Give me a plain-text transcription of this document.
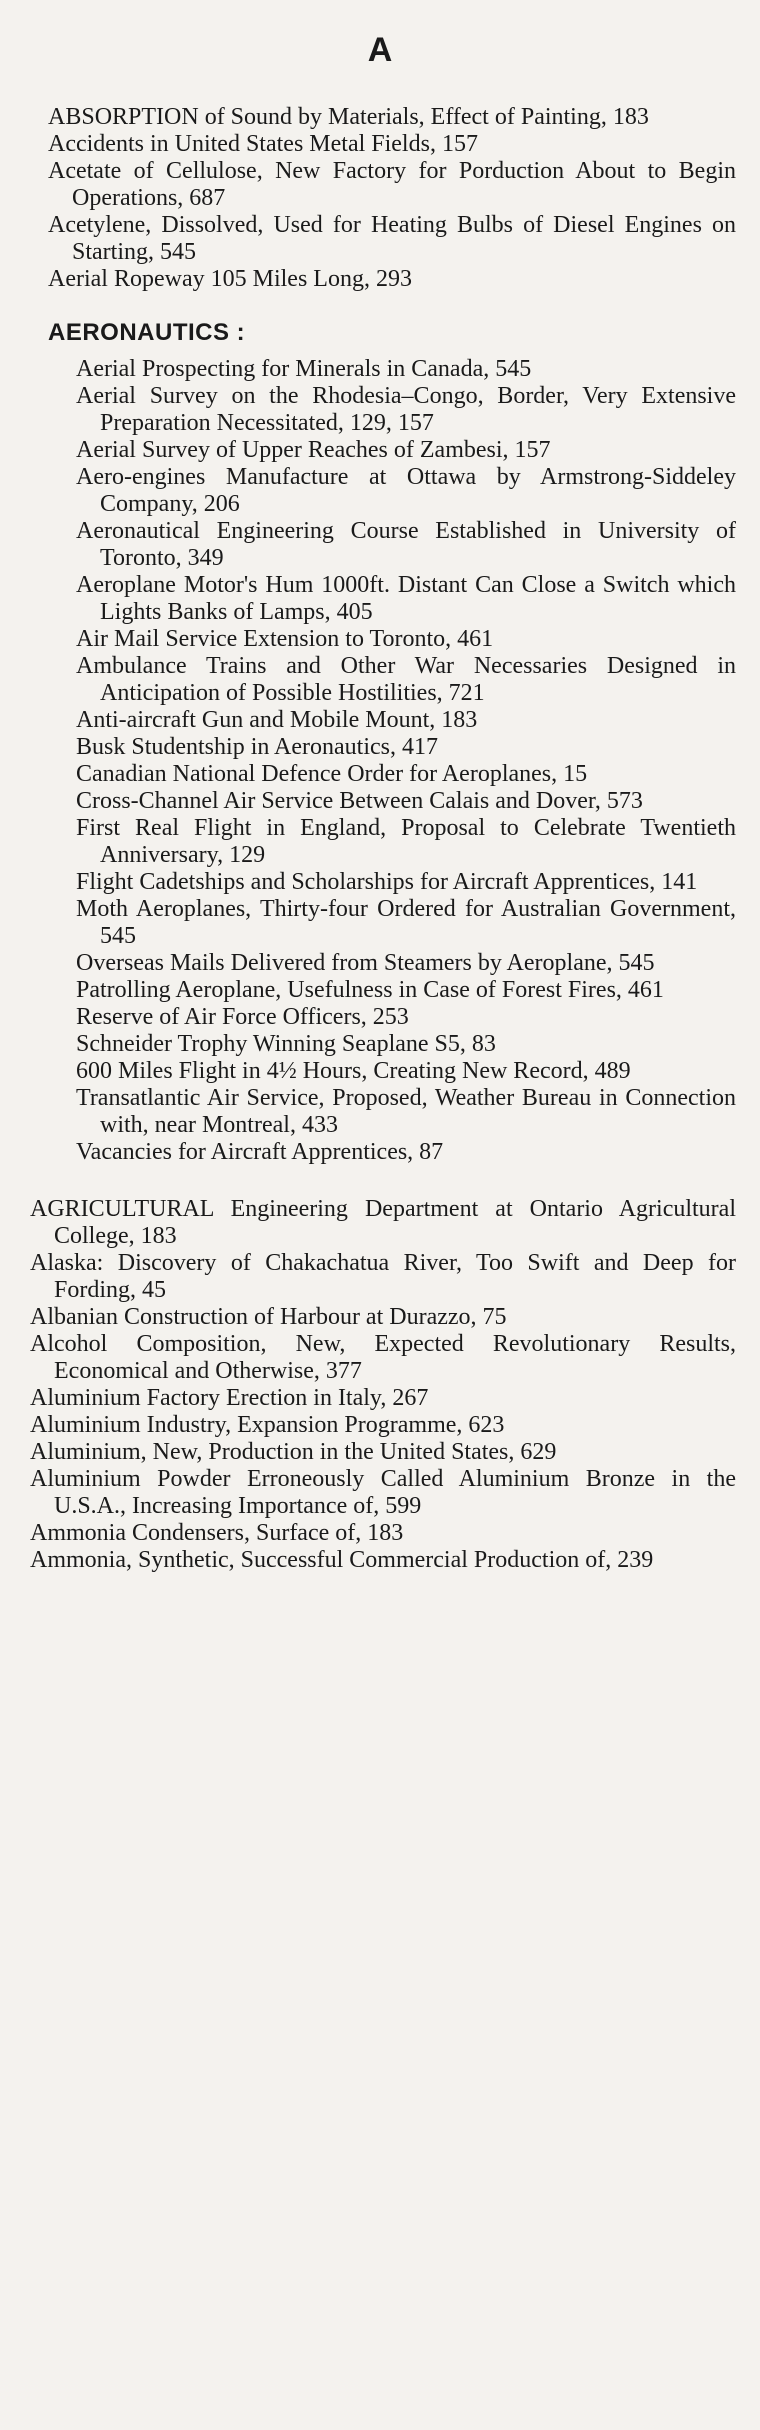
A

ABSORPTION of Sound by Materials, Effect of Painting, 183

Accidents in United States Metal Fields, 157

Acetate of Cellulose, New Factory for Porduction About to Begin Operations, 687

Acetylene, Dissolved, Used for Heating Bulbs of Diesel Engines on Starting, 545

Aerial Ropeway 105 Miles Long, 293

AERONAUTICS :

Aerial Prospecting for Minerals in Canada, 545

Aerial Survey on the Rhodesia–Congo, Border, Very Extensive Preparation Necessitated, 129, 157

Aerial Survey of Upper Reaches of Zambesi, 157

Aero-engines Manufacture at Ottawa by Armstrong-Siddeley Company, 206

Aeronautical Engineering Course Established in University of Toronto, 349

Aeroplane Motor's Hum 1000ft. Distant Can Close a Switch which Lights Banks of Lamps, 405

Air Mail Service Extension to Toronto, 461

Ambulance Trains and Other War Necessaries Designed in Anticipation of Possible Hostilities, 721

Anti-aircraft Gun and Mobile Mount, 183

Busk Studentship in Aeronautics, 417

Canadian National Defence Order for Aeroplanes, 15

Cross-Channel Air Service Between Calais and Dover, 573

First Real Flight in England, Proposal to Celebrate Twentieth Anniversary, 129

Flight Cadetships and Scholarships for Aircraft Apprentices, 141

Moth Aeroplanes, Thirty-four Ordered for Australian Government, 545

Overseas Mails Delivered from Steamers by Aeroplane, 545

Patrolling Aeroplane, Usefulness in Case of Forest Fires, 461

Reserve of Air Force Officers, 253

Schneider Trophy Winning Seaplane S5, 83

600 Miles Flight in 4½ Hours, Creating New Record, 489

Transatlantic Air Service, Proposed, Weather Bureau in Connection with, near Montreal, 433

Vacancies for Aircraft Apprentices, 87

AGRICULTURAL Engineering Department at Ontario Agricultural College, 183

Alaska: Discovery of Chakachatua River, Too Swift and Deep for Fording, 45

Albanian Construction of Harbour at Durazzo, 75

Alcohol Composition, New, Expected Revolutionary Results, Economical and Otherwise, 377

Aluminium Factory Erection in Italy, 267

Aluminium Industry, Expansion Programme, 623

Aluminium, New, Production in the United States, 629

Aluminium Powder Erroneously Called Aluminium Bronze in the U.S.A., Increasing Importance of, 599

Ammonia Condensers, Surface of, 183

Ammonia, Synthetic, Successful Commercial Production of, 239
